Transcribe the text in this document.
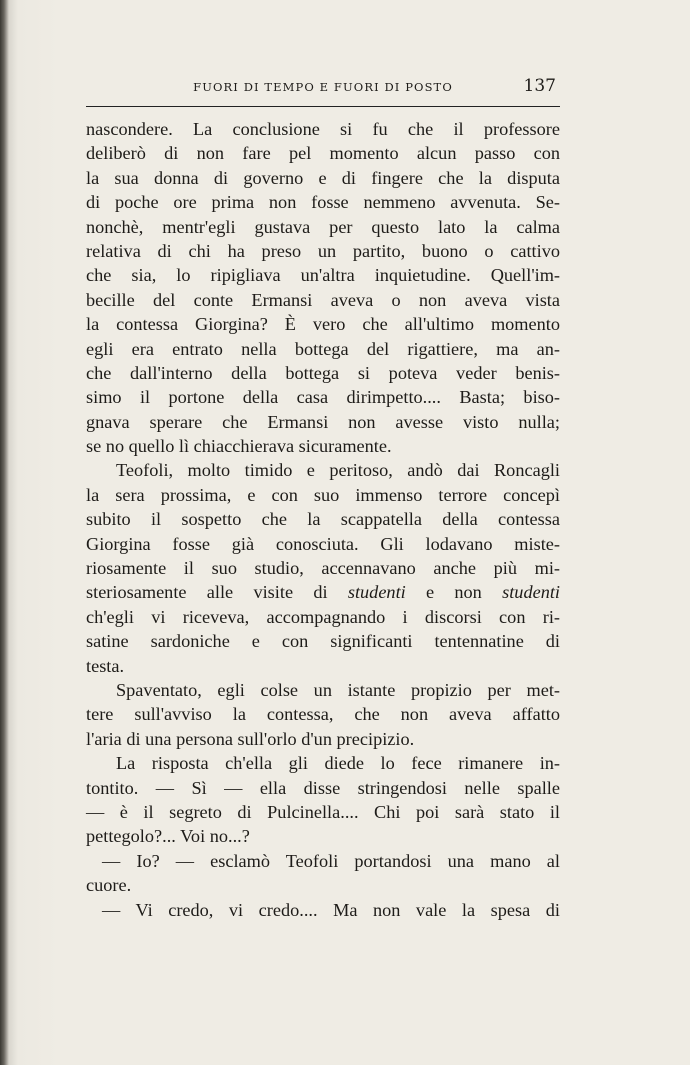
FUORI DI TEMPO E FUORI DI POSTO	137
nascondere. La conclusione si fu che il professore
deliberò di non fare pel momento alcun passo con
la sua donna di governo e di fingere che la disputa
di poche ore prima non fosse nemmeno avvenuta. Se-
nonchè, mentr'egli gustava per questo lato la calma
relativa di chi ha preso un partito, buono o cattivo
che sia, lo ripigliava un'altra inquietudine. Quell'im-
becille del conte Ermansi aveva o non aveva vista
la contessa Giorgina? È vero che all'ultimo momento
egli era entrato nella bottega del rigattiere, ma an-
che dall'interno della bottega si poteva veder benis-
simo il portone della casa dirimpetto.... Basta; biso-
gnava sperare che Ermansi non avesse visto nulla;
se no quello lì chiacchierava sicuramente.
Teofoli, molto timido e peritoso, andò dai Roncagli
la sera prossima, e con suo immenso terrore concepì
subito il sospetto che la scappatella della contessa
Giorgina fosse già conosciuta. Gli lodavano miste-
riosamente il suo studio, accennavano anche più mi-
steriosamente alle visite di studenti e non studenti
ch'egli vi riceveva, accompagnando i discorsi con ri-
satine sardoniche e con significanti tentennatine di
testa.
Spaventato, egli colse un istante propizio per met-
tere sull'avviso la contessa, che non aveva affatto
l'aria di una persona sull'orlo d'un precipizio.
La risposta ch'ella gli diede lo fece rimanere in-
tontito. — Sì — ella disse stringendosi nelle spalle
— è il segreto di Pulcinella.... Chi poi sarà stato il
pettegolo?... Voi no...?
— Io? — esclamò Teofoli portandosi una mano al
cuore.
— Vi credo, vi credo.... Ma non vale la spesa di
